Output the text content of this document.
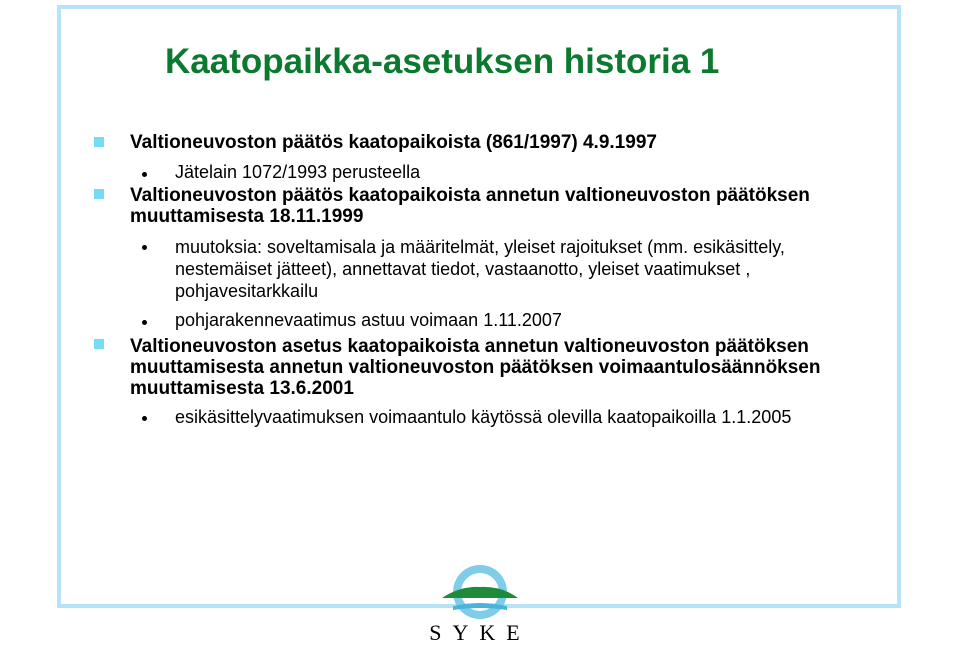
Kaatopaikka-asetuksen historia 1

Valtioneuvoston päätös kaatopaikoista (861/1997) 4.9.1997

Jätelain 1072/1993 perusteella

Valtioneuvoston päätös kaatopaikoista annetun valtioneuvoston päätöksen muuttamisesta 18.11.1999

muutoksia: soveltamisala ja määritelmät, yleiset rajoitukset (mm. esikäsittely, nestemäiset jätteet), annettavat tiedot, vastaanotto, yleiset vaatimukset , pohjavesitarkkailu

pohjarakennevaatimus astuu voimaan 1.11.2007

Valtioneuvoston asetus kaatopaikoista annetun valtioneuvoston päätöksen muuttamisesta annetun valtioneuvoston päätöksen voimaantulosäännöksen muuttamisesta 13.6.2001

esikäsittelyvaatimuksen voimaantulo käytössä olevilla kaatopaikoilla 1.1.2005

SYKE
